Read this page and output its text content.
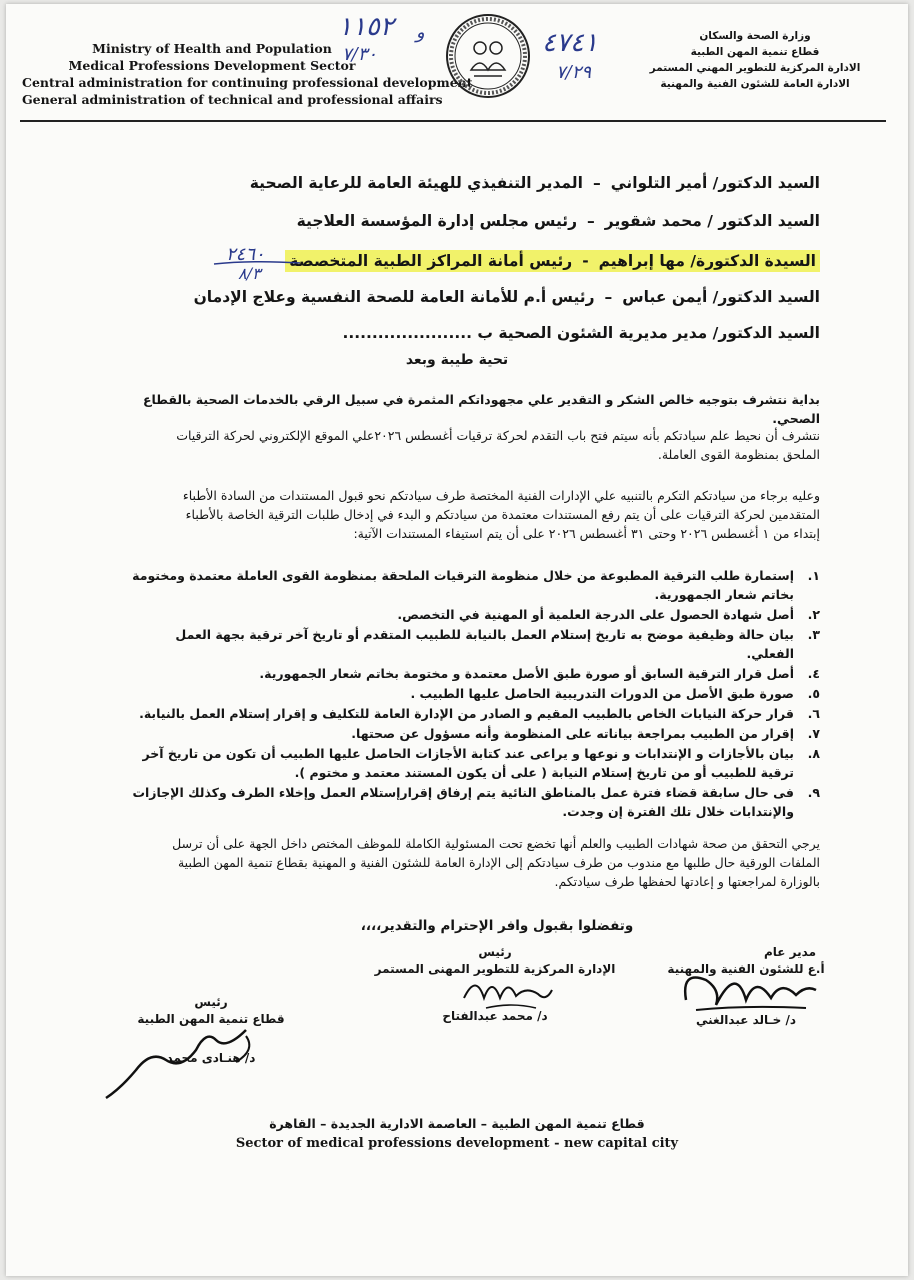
Ministry of Health and Population
Medical Professions Development Sector
Central administration for continuing professional development
General administration of technical and professional affairs
وزارة الصحة والسكان
قطاع تنمية المهن الطبية
الادارة المركزية للتطوير المهني المستمر
الادارة العامة للشئون الفنية والمهنية
١١٥٢
٧/٣٠
و	٤٧٤١
٧/٢٩
السيد الدكتور/ أمير التلواني–المدير التنفيذي للهيئة العامة للرعاية الصحية
السيد الدكتور / محمد شقوير–رئيس مجلس إدارة المؤسسة العلاجية
السيدة الدكتورة/ مها إبراهيم-رئيس أمانة المراكز الطبية المتخصصة
٢٤٦٠
٨/٣
السيد الدكتور/ أيمن عباس–رئيس أ.م للأمانة العامة للصحة النفسية وعلاج الإدمان
السيد الدكتور/ مدير مديرية الشئون الصحية ب ......................
تحية طيبة وبعد
بداية نتشرف بتوجيه خالص الشكر و التقدير علي مجهوداتكم المثمرة في سبيل الرقي بالخدمات الصحية بالقطاع الصحي.
نتشرف أن نحيط علم سيادتكم بأنه سيتم فتح باب التقدم لحركة ترقيات أغسطس ٢٠٢٦علي الموقع الإلكتروني لحركة الترقيات
الملحق بمنظومة القوى العاملة.
وعليه برجاء من سيادتكم التكرم بالتنبيه علي الإدارات الفنية المختصة طرف سيادتكم نحو قبول المستندات من السادة الأطباء
المتقدمين لحركة الترقيات على أن يتم رفع المستندات معتمدة من سيادتكم و البدء في إدخال طلبات الترقية الخاصة بالأطباء
إبتداء من ١ أغسطس ٢٠٢٦ وحتى ٣١ أغسطس ٢٠٢٦ على أن يتم استيفاء المستندات الآتية:
١.
إستمارة طلب الترقية المطبوعة من خلال منظومة الترقيات الملحقة بمنظومة القوى العاملة معتمدة ومختومة بخاتم شعار الجمهورية.
٢.
أصل شهادة الحصول على الدرجة العلمية أو المهنية في التخصص.
٣.
بيان حالة وظيفية موضح به تاريخ إستلام العمل بالنيابة للطبيب المتقدم أو تاريخ آخر ترقية بجهة العمل الفعلي.
٤.
أصل قرار الترقية السابق أو صورة طبق الأصل معتمدة و مختومة بخاتم شعار الجمهورية.
٥.
صورة طبق الأصل من الدورات التدريبية الحاصل عليها الطبيب .
٦.
قرار حركة النيابات الخاص بالطبيب المقيم و الصادر من الإدارة العامة للتكليف و إقرار إستلام العمل بالنيابة.
٧.
إقرار من الطبيب بمراجعة بياناته على المنظومة وأنه مسؤول عن صحتها.
٨.
بيان بالأجازات و الإنتدابات و نوعها و يراعى عند كتابة الأجازات الحاصل عليها الطبيب أن تكون من تاريخ آخر ترقية للطبيب أو من تاريخ إستلام النيابة ( على أن يكون المستند معتمد و مختوم ).
٩.
فى حال سابقة قضاء فترة عمل بالمناطق النائية يتم إرفاق إقرارإستلام العمل وإخلاء الطرف وكذلك الإجازات والإنتدابات خلال تلك الفترة إن وجدت.
يرجي التحقق من صحة شهادات الطبيب والعلم أنها تخضع تحت المسئولية الكاملة للموظف المختص داخل الجهة على أن ترسل
الملفات الورقية حال طلبها مع مندوب من طرف سيادتكم إلى الإدارة العامة للشئون الفنية و المهنية بقطاع تنمية المهن الطبية
بالوزارة لمراجعتها و إعادتها لحفظها طرف سيادتكم.
وتفضلوا بقبول وافر الإحترام والتقدير،،،،
مدير عام
أ.ع للشئون الفنية والمهنية
د/ خـالد عبدالغني
رئيس
الإدارة المركزية للتطوير المهنى المستمر
د/ محمد عبدالفتاح
رئيس
قطاع تنمية المهن الطبية
د/ هنـادى محمد
قطاع تنمية المهن الطبية – العاصمة الادارية الجديدة – القاهرة
Sector of medical professions development - new capital city
